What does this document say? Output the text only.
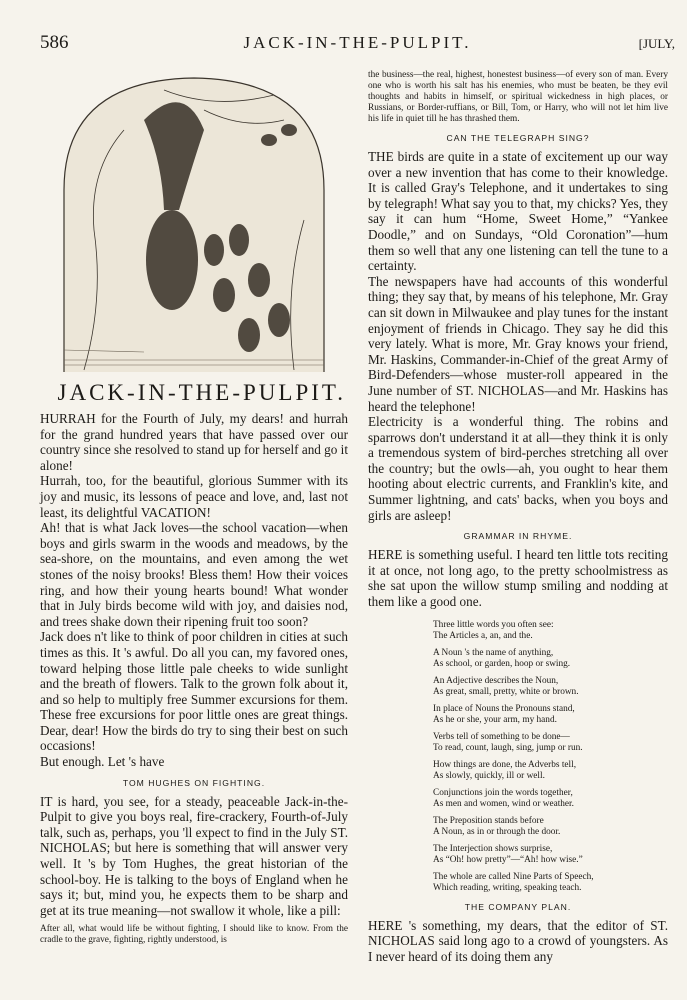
586	JACK-IN-THE-PULPIT.	[JULY,
JACK-IN-THE-PULPIT.

HURRAH for the Fourth of July, my dears! and hurrah for the grand hundred years that have passed over our country since she resolved to stand up for herself and go it alone!

Hurrah, too, for the beautiful, glorious Summer with its joy and music, its lessons of peace and love, and, last not least, its delightful VACATION!

Ah! that is what Jack loves—the school vacation—when boys and girls swarm in the woods and meadows, by the sea-shore, on the mountains, and even among the wet stones of the noisy brooks! Bless them! How their voices ring, and how their young hearts bound! What wonder that in July birds become wild with joy, and daisies nod, and trees shake down their ripening fruit too soon?

Jack does n't like to think of poor children in cities at such times as this. It 's awful. Do all you can, my favored ones, toward helping those little pale cheeks to wide sunlight and the breath of flowers. Talk to the grown folk about it, and so help to multiply free Summer excursions for them. These free excursions for poor little ones are great things. Dear, dear! How the birds do try to sing their best on such occasions!

But enough. Let 's have

TOM HUGHES ON FIGHTING.

IT is hard, you see, for a steady, peaceable Jack-in-the-Pulpit to give you boys real, fire-crackery, Fourth-of-July talk, such as, perhaps, you 'll expect to find in the July ST. NICHOLAS; but here is something that will answer very well. It 's by Tom Hughes, the great historian of the school-boy. He is talking to the boys of England when he says it; but, mind you, he expects them to be sharp and get at its true meaning—not swallow it whole, like a pill:

After all, what would life be without fighting, I should like to know. From the cradle to the grave, fighting, rightly understood, is

the business—the real, highest, honestest business—of every son of man. Every one who is worth his salt has his enemies, who must be beaten, be they evil thoughts and habits in himself, or spiritual wickedness in high places, or Russians, or Border-ruffians, or Bill, Tom, or Harry, who will not let him live his life in quiet till he has thrashed them.

CAN THE TELEGRAPH SING?

THE birds are quite in a state of excitement up our way over a new invention that has come to their knowledge. It is called Gray's Telephone, and it undertakes to sing by telegraph! What say you to that, my chicks? Yes, they say it can hum “Home, Sweet Home,” “Yankee Doodle,” and on Sundays, “Old Coronation”—hum them so well that any one listening can tell the tune to a certainty.

The newspapers have had accounts of this wonderful thing; they say that, by means of his telephone, Mr. Gray can sit down in Milwaukee and play tunes for the instant enjoyment of friends in Chicago. They say he did this very lately. What is more, Mr. Gray knows your friend, Mr. Haskins, Commander-in-Chief of the great Army of Bird-Defenders—whose muster-roll appeared in the June number of ST. NICHOLAS—and Mr. Haskins has heard the telephone!

Electricity is a wonderful thing. The robins and sparrows don't understand it at all—they think it is only a tremendous system of bird-perches stretching all over the country; but the owls—ah, you ought to hear them hooting about electric currents, and Franklin's kite, and Summer lightning, and cats' backs, when you boys and girls are asleep!

GRAMMAR IN RHYME.

HERE is something useful. I heard ten little tots reciting it at once, not long ago, to the pretty schoolmistress as she sat upon the willow stump smiling and nodding at them like a good one.

Three little words you often see:
The Articles a, an, and the.
A Noun 's the name of anything,
As school, or garden, hoop or swing.
An Adjective describes the Noun,
As great, small, pretty, white or brown.
In place of Nouns the Pronouns stand,
As he or she, your arm, my hand.
Verbs tell of something to be done—
To read, count, laugh, sing, jump or run.
How things are done, the Adverbs tell,
As slowly, quickly, ill or well.
Conjunctions join the words together,
As men and women, wind or weather.
The Preposition stands before
A Noun, as in or through the door.
The Interjection shows surprise,
As “Oh! how pretty”—“Ah! how wise.”
The whole are called Nine Parts of Speech,
Which reading, writing, speaking teach.
THE COMPANY PLAN.

HERE 's something, my dears, that the editor of ST. NICHOLAS said long ago to a crowd of youngsters. As I never heard of its doing them any
